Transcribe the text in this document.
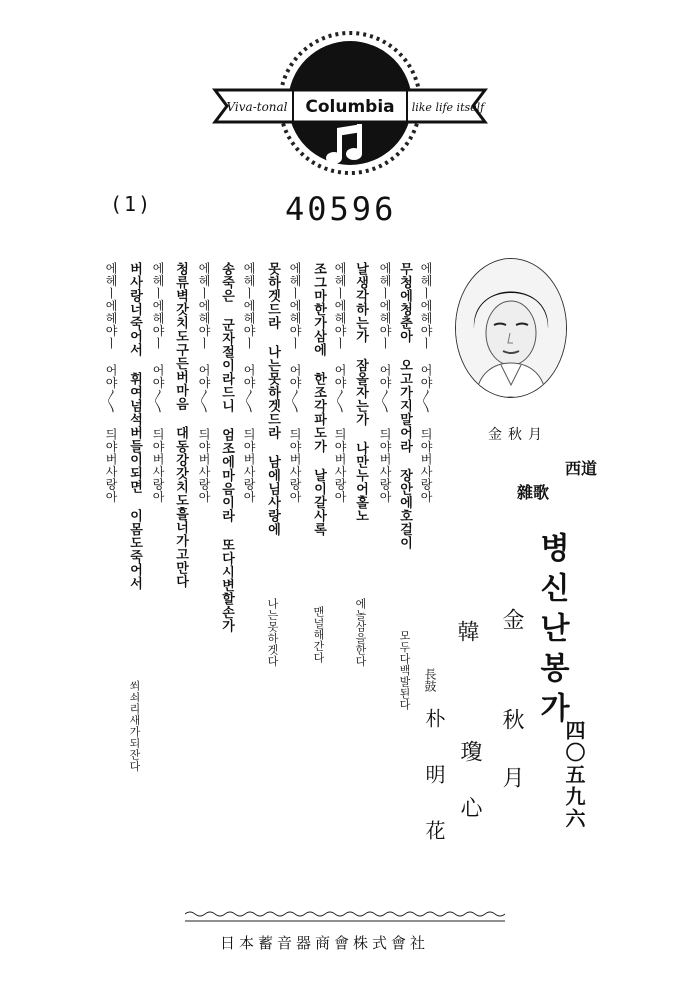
Viva-tonal Columbia like life itself
(1)	40596
金秋月
西道
雜歌
병신난봉가
四〇五九六
金
秋月
韓
瓊心
長鼓
朴明花
에헤ㅣ에헤야ㅣ 어야〳〵 듸야버사랑아
무청에청춘아 오고가지말어라 장안에호걸이
모두다백발된다
에헤ㅣ에헤야ㅣ 어야〳〵 듸야버사랑아
날생각하는가 잠올자는가 나만누어홀노
에놀삼을한다
에헤ㅣ에헤야ㅣ 어야〳〵 듸야버사랑아
조그마한가삼에 한조각파도가 날이갈사록
맨널해간다
에헤ㅣ에헤야ㅣ 어야〳〵 듸야버사랑아
못하겟드라 나는못하겟드라 남에님사랑에
나는못하겟다
에헤ㅣ에헤야ㅣ 어야〳〵 듸야버사랑아
송죽은 군자절이라드니 엄조에마음이라 또다시변할손가
에헤ㅣ에헤야ㅣ 어야〳〵 듸야버사랑아
청류벽갓치도구든버마음 대동강갓치도흘너가고만다
에헤ㅣ에헤야ㅣ 어야〳〵 듸야버사랑아
버사랑너죽어서 휘여넘석버들이되면 이몸도죽어서
쐬쇠리새가되잔다
에헤ㅣ에헤야ㅣ 어야〳〵 듸야버사랑아
日本蓄音器商會株式會社
